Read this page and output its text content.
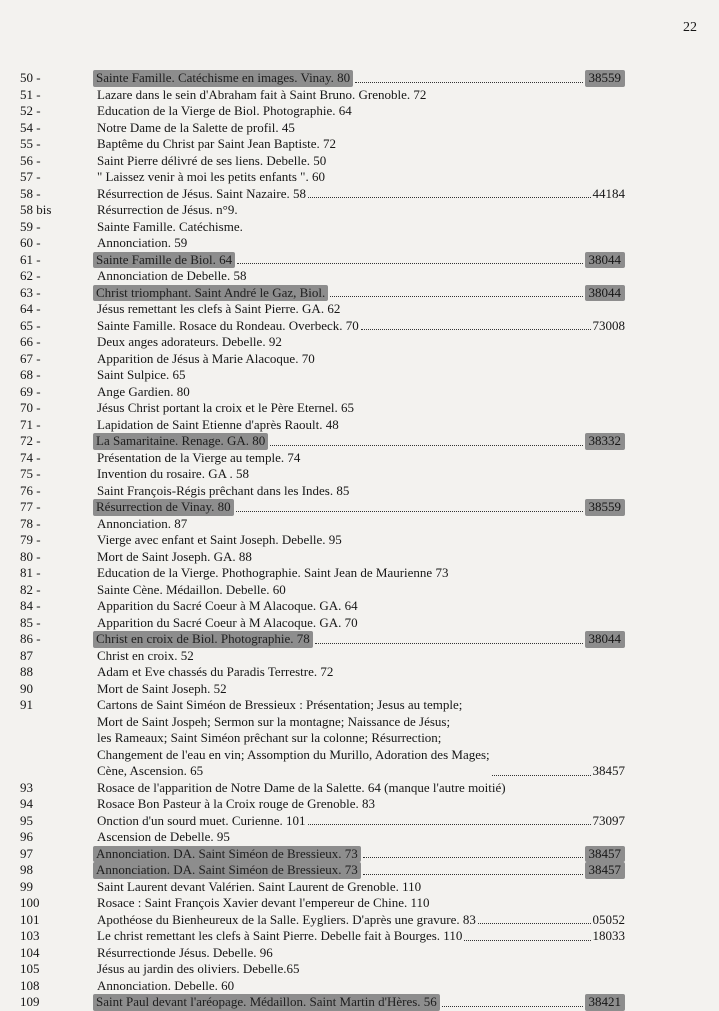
22
50 -	Sainte Famille. Catéchisme en images. Vinay. 80	38559
51 -	Lazare dans le sein d'Abraham fait à Saint Bruno. Grenoble. 72
52 -	Education de la Vierge de Biol. Photographie. 64
54 -	Notre Dame de la Salette de profil. 45
55 -	Baptême du Christ par Saint Jean Baptiste. 72
56 -	Saint Pierre délivré de ses liens. Debelle. 50
57 -	" Laissez venir à moi les petits enfants ". 60
58 -	Résurrection de Jésus. Saint Nazaire. 58	44184
58 bis	Résurrection de Jésus. n°9.
59 -	Sainte Famille. Catéchisme.
60 -	Annonciation. 59
61 -	Sainte Famille de Biol. 64	38044
62 -	Annonciation de Debelle. 58
63 -	Christ triomphant. Saint André le Gaz, Biol.	38044
64 -	Jésus remettant les clefs à Saint Pierre. GA. 62
65 -	Sainte Famille. Rosace du Rondeau. Overbeck. 70	73008
66 -	Deux anges adorateurs. Debelle. 92
67 -	Apparition de Jésus à Marie Alacoque. 70
68 -	Saint Sulpice. 65
69 -	Ange Gardien. 80
70 -	Jésus Christ portant la croix et le Père Eternel. 65
71 -	Lapidation de Saint Etienne d'après Raoult. 48
72 -	La Samaritaine. Renage. GA. 80	38332
74 -	Présentation de la Vierge au temple. 74
75 -	Invention du rosaire. GA . 58
76 -	Saint François-Régis prêchant dans les Indes. 85
77 -	Résurrection de Vinay. 80	38559
78 -	Annonciation. 87
79 -	Vierge avec enfant et Saint Joseph. Debelle. 95
80 -	Mort de Saint Joseph. GA. 88
81 -	Education de la Vierge. Phothographie. Saint Jean de Maurienne 73
82 -	Sainte Cène. Médaillon. Debelle. 60
84 -	Apparition du Sacré Coeur à M Alacoque. GA. 64
85 -	Apparition du Sacré Coeur à M Alacoque. GA. 70
86 -	Christ en croix de Biol. Photographie. 78	38044
87	Christ en croix. 52
88	Adam et Eve chassés du Paradis Terrestre. 72
90	Mort de Saint Joseph. 52
91	Cartons de Saint Siméon de Bressieux : Présentation; Jesus au temple;
Mort de Saint Jospeh; Sermon sur la montagne; Naissance de Jésus;
les Rameaux; Saint Siméon prêchant sur la colonne; Résurrection;
Changement de l'eau en vin; Assomption du Murillo, Adoration des Mages;
Cène, Ascension. 65	38457
93	Rosace de l'apparition de Notre Dame de la Salette. 64 (manque l'autre moitié)
94	Rosace Bon Pasteur à la Croix rouge de Grenoble. 83
95	Onction d'un sourd muet. Curienne. 101	73097
96	Ascension de Debelle. 95
97	Annonciation. DA. Saint Siméon de Bressieux. 73	38457
98	Annonciation. DA. Saint Siméon de Bressieux. 73	38457
99	Saint Laurent devant Valérien. Saint Laurent de Grenoble. 110
100	Rosace : Saint François Xavier devant l'empereur de Chine. 110
101	Apothéose du Bienheureux de la Salle. Eygliers. D'après une gravure. 83	05052
103	Le christ remettant les clefs à Saint Pierre. Debelle fait à Bourges. 110	18033
104	Résurrectionde Jésus. Debelle. 96
105	Jésus au jardin des oliviers. Debelle.65
108	Annonciation. Debelle. 60
109	Saint Paul devant l'aréopage. Médaillon. Saint Martin d'Hères. 56	38421
